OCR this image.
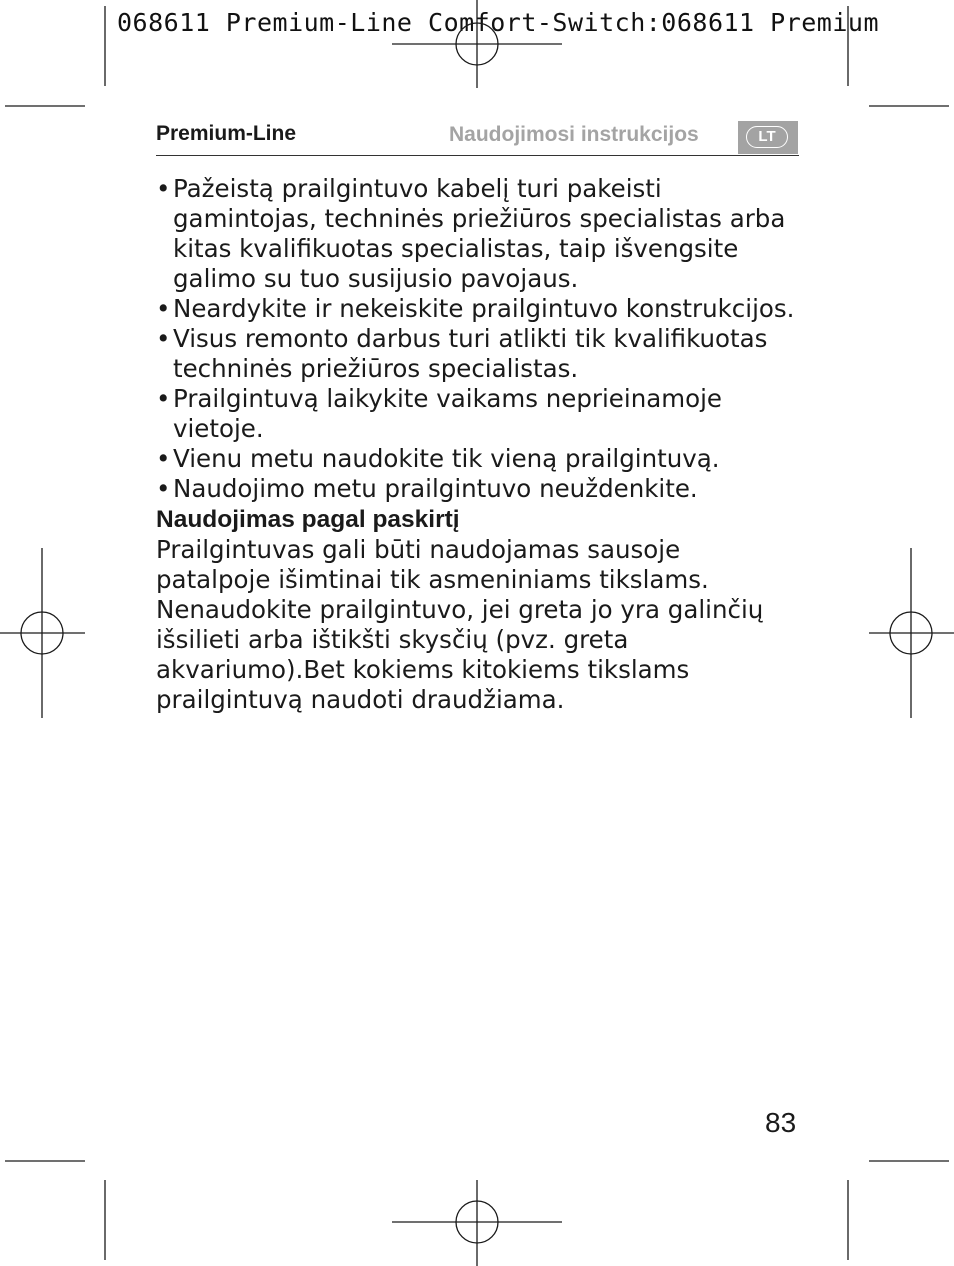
068611 Premium-Line Comfort-Switch:068611 Premium
Premium-Line	Naudojimosi instrukcijos	LT
• Pažeistą prailgintuvo kabelį turi pakeisti
gamintojas, techninės priežiūros specialistas arba
kitas kvalifikuotas specialistas, taip išvengsite
galimo su tuo susijusio pavojaus.
• Neardykite ir nekeiskite prailgintuvo konstrukcijos.
• Visus remonto darbus turi atlikti tik kvalifikuotas
techninės priežiūros specialistas.
• Prailgintuvą laikykite vaikams neprieinamoje vietoje.
• Vienu metu naudokite tik vieną prailgintuvą.
• Naudojimo metu prailgintuvo neuždenkite.
Naudojimas pagal paskirtį
Prailgintuvas gali būti naudojamas sausoje
patalpoje išimtinai tik asmeniniams tikslams.
Nenaudokite prailgintuvo, jei greta jo yra galinčių
išsilieti arba ištikšti skysčių (pvz. greta
akvariumo).Bet kokiems kitokiems tikslams
prailgintuvą naudoti draudžiama.
83
